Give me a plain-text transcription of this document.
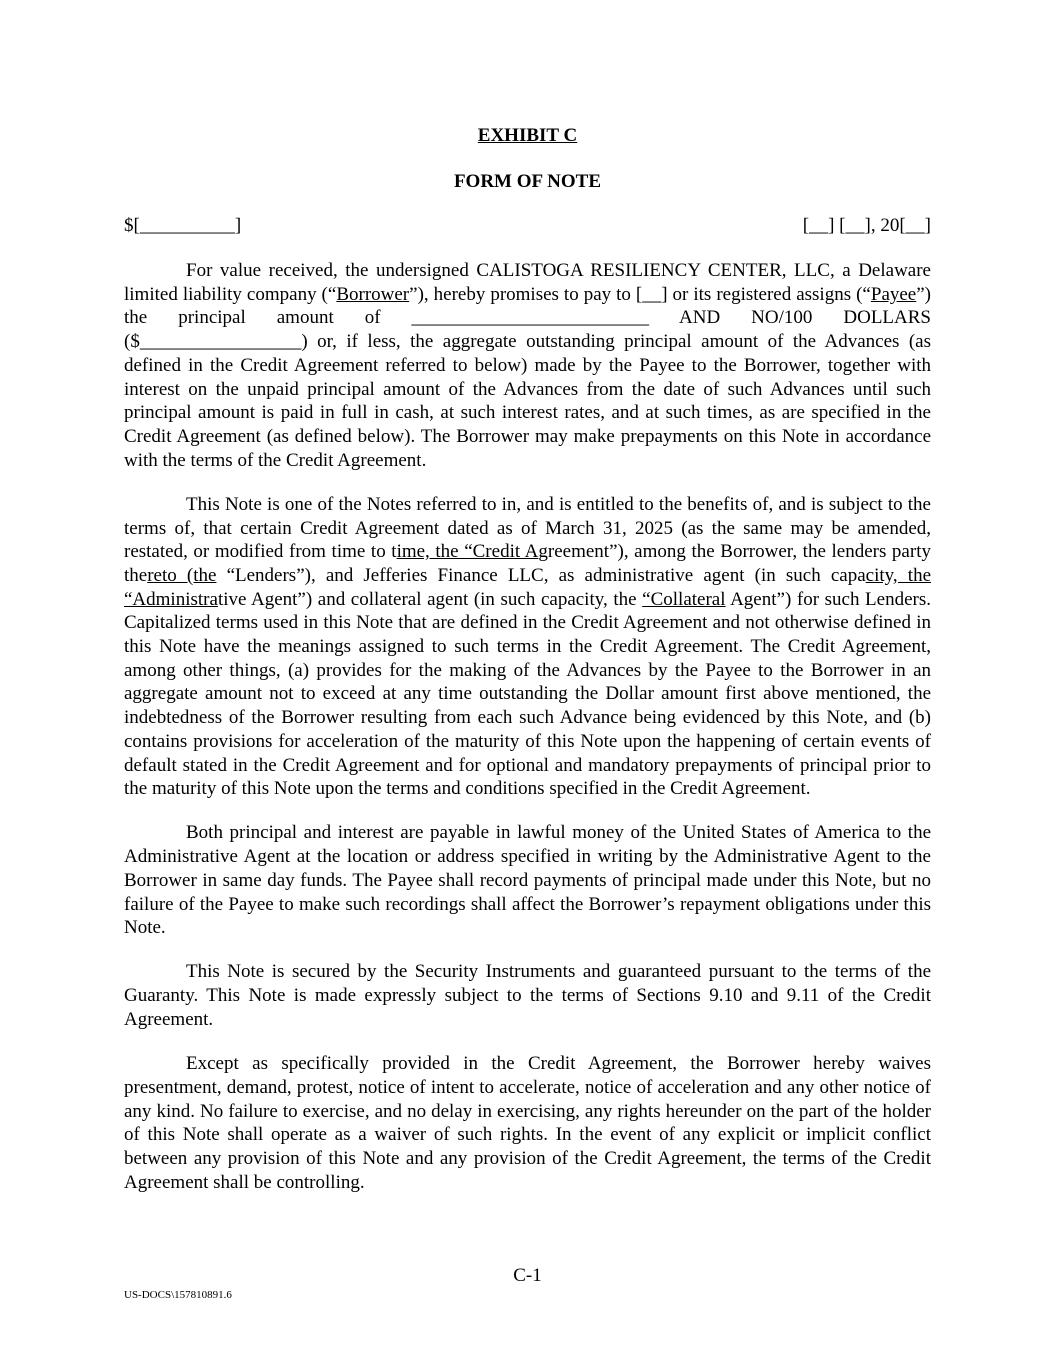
EXHIBIT C
FORM OF NOTE
$[__________]	[__] [__], 20[__]

For value received, the undersigned CALISTOGA RESILIENCY CENTER, LLC, a Delaware limited liability company (“Borrower”), hereby promises to pay to [__] or its registered assigns (“Payee”) the principal amount of _________________________ AND NO/100 DOLLARS ($_________________) or, if less, the aggregate outstanding principal amount of the Advances (as defined in the Credit Agreement referred to below) made by the Payee to the Borrower, together with interest on the unpaid principal amount of the Advances from the date of such Advances until such principal amount is paid in full in cash, at such interest rates, and at such times, as are specified in the Credit Agreement (as defined below). The Borrower may make prepayments on this Note in accordance with the terms of the Credit Agreement.

This Note is one of the Notes referred to in, and is entitled to the benefits of, and is subject to the terms of, that certain Credit Agreement dated as of March 31, 2025 (as the same may be amended, restated, or modified from time to time, the “Credit Agreement”), among the Borrower, the lenders party thereto (the “Lenders”), and Jefferies Finance LLC, as administrative agent (in such capacity, the “Administrative Agent”) and collateral agent (in such capacity, the “Collateral Agent”) for such Lenders. Capitalized terms used in this Note that are defined in the Credit Agreement and not otherwise defined in this Note have the meanings assigned to such terms in the Credit Agreement. The Credit Agreement, among other things, (a) provides for the making of the Advances by the Payee to the Borrower in an aggregate amount not to exceed at any time outstanding the Dollar amount first above mentioned, the indebtedness of the Borrower resulting from each such Advance being evidenced by this Note, and (b) contains provisions for acceleration of the maturity of this Note upon the happening of certain events of default stated in the Credit Agreement and for optional and mandatory prepayments of principal prior to the maturity of this Note upon the terms and conditions specified in the Credit Agreement.

Both principal and interest are payable in lawful money of the United States of America to the Administrative Agent at the location or address specified in writing by the Administrative Agent to the Borrower in same day funds. The Payee shall record payments of principal made under this Note, but no failure of the Payee to make such recordings shall affect the Borrower’s repayment obligations under this Note.

This Note is secured by the Security Instruments and guaranteed pursuant to the terms of the Guaranty. This Note is made expressly subject to the terms of Sections 9.10 and 9.11 of the Credit Agreement.

Except as specifically provided in the Credit Agreement, the Borrower hereby waives presentment, demand, protest, notice of intent to accelerate, notice of acceleration and any other notice of any kind. No failure to exercise, and no delay in exercising, any rights hereunder on the part of the holder of this Note shall operate as a waiver of such rights. In the event of any explicit or implicit conflict between any provision of this Note and any provision of the Credit Agreement, the terms of the Credit Agreement shall be controlling.

C-1
US-DOCS\157810891.6
